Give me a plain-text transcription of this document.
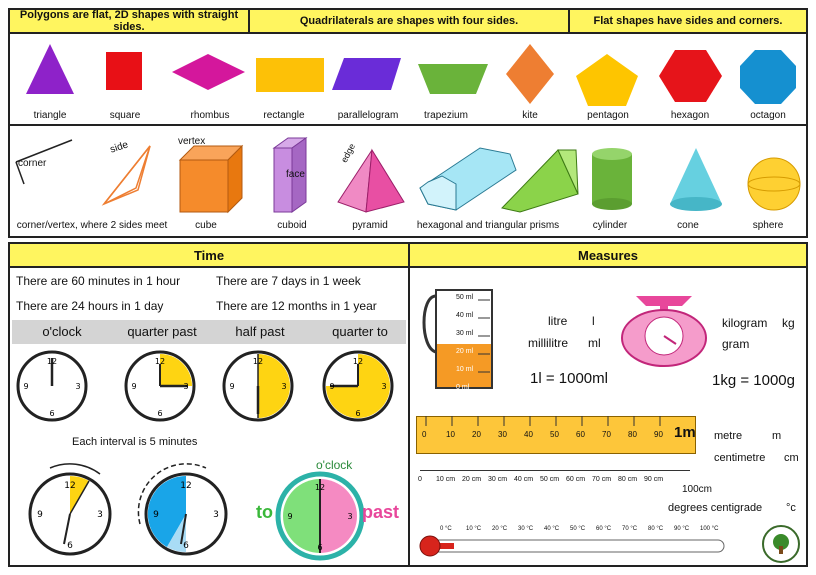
Polygons are flat, 2D shapes with straight sides.	Quadrilaterals are shapes with four sides.	Flat shapes have sides and corners.
triangle	square	rhombus	rectangle	parallelogram	trapezium	kite	pentagon	hexagon	octagon
corner
side	vertex
face
edge
corner/vertex, where 2 sides meet	cube	cuboid	pyramid	hexagonal and triangular prisms	cylinder	cone	sphere
Time
There are 60 minutes in 1 hour	There are 7 days in 1 week
There are 24 hours in 1 day	There are 12 months in 1 year
o'clock	quarter past	half past	quarter to
12
3
6
9
12
3
6
9
12
3
9
12
3
6
9
Each interval is 5 minutes
12
3
6
9
12
3
6
9
12
3
6
9
o'clock
to	past
Measures
50 ml
40 ml
30 ml
20 ml
10 ml
0 ml
litre l
millilitre ml
1l = 1000ml
kilogram kg
gram
1kg = 1000g
0 10 20 30 40 50 60 70 80 90 1m metre	m
centimetre cm
0 10 cm 20 cm 30 cm 40 cm 50 cm 60 cm 70 cm 80 cm 90 cm
100cm
degrees centigrade °c
0 °C 10 °C 20 °C 30 °C 40 °C 50 °C 60 °C 70 °C 80 °C 90 °C 100 °C
